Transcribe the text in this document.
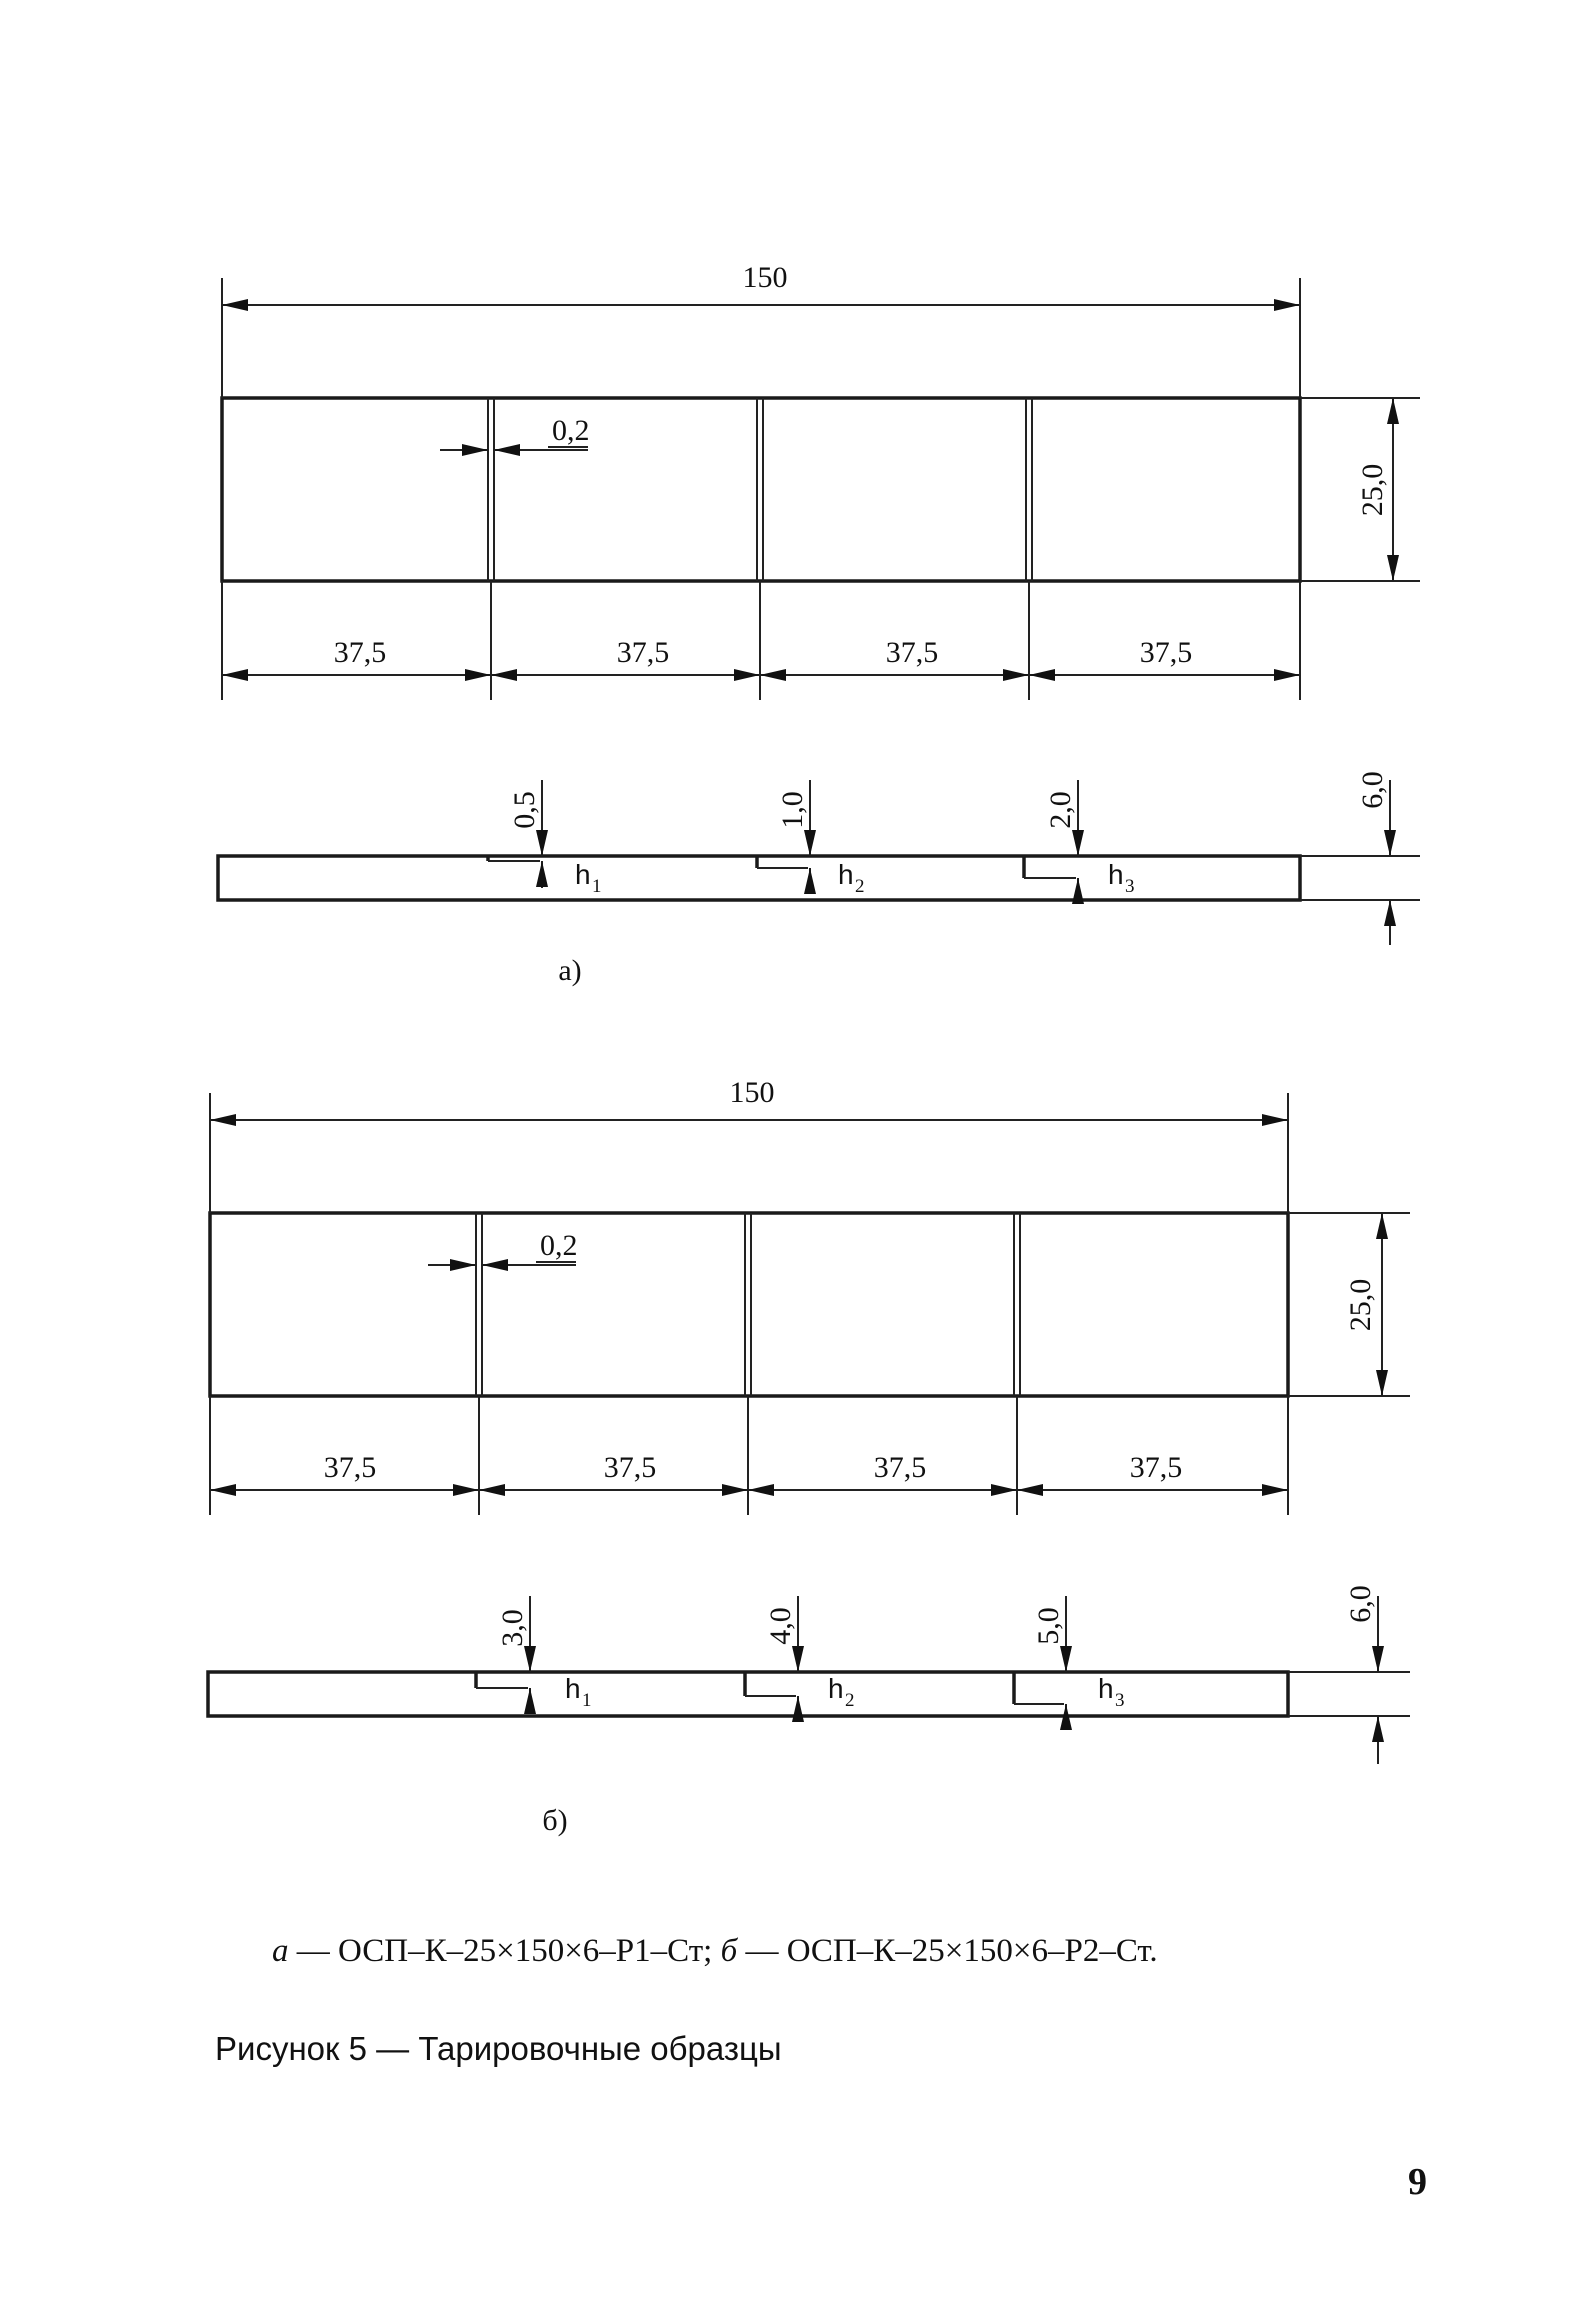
150
0,2
25,0
37,5	37,5	37,5	37,5
0,5
h 1
1,0
h 2
2,0
h 3
6,0
а)
150
0,2
25,0
37,5	37,5	37,5	37,5
3,0
h 1
4,0
h 2
5,0
h 3
6,0
б)
а — ОСП–К–25×150×6–Р1–Ст; б — ОСП–К–25×150×6–Р2–Ст.
Рисунок 5 — Тарировочные образцы
9
